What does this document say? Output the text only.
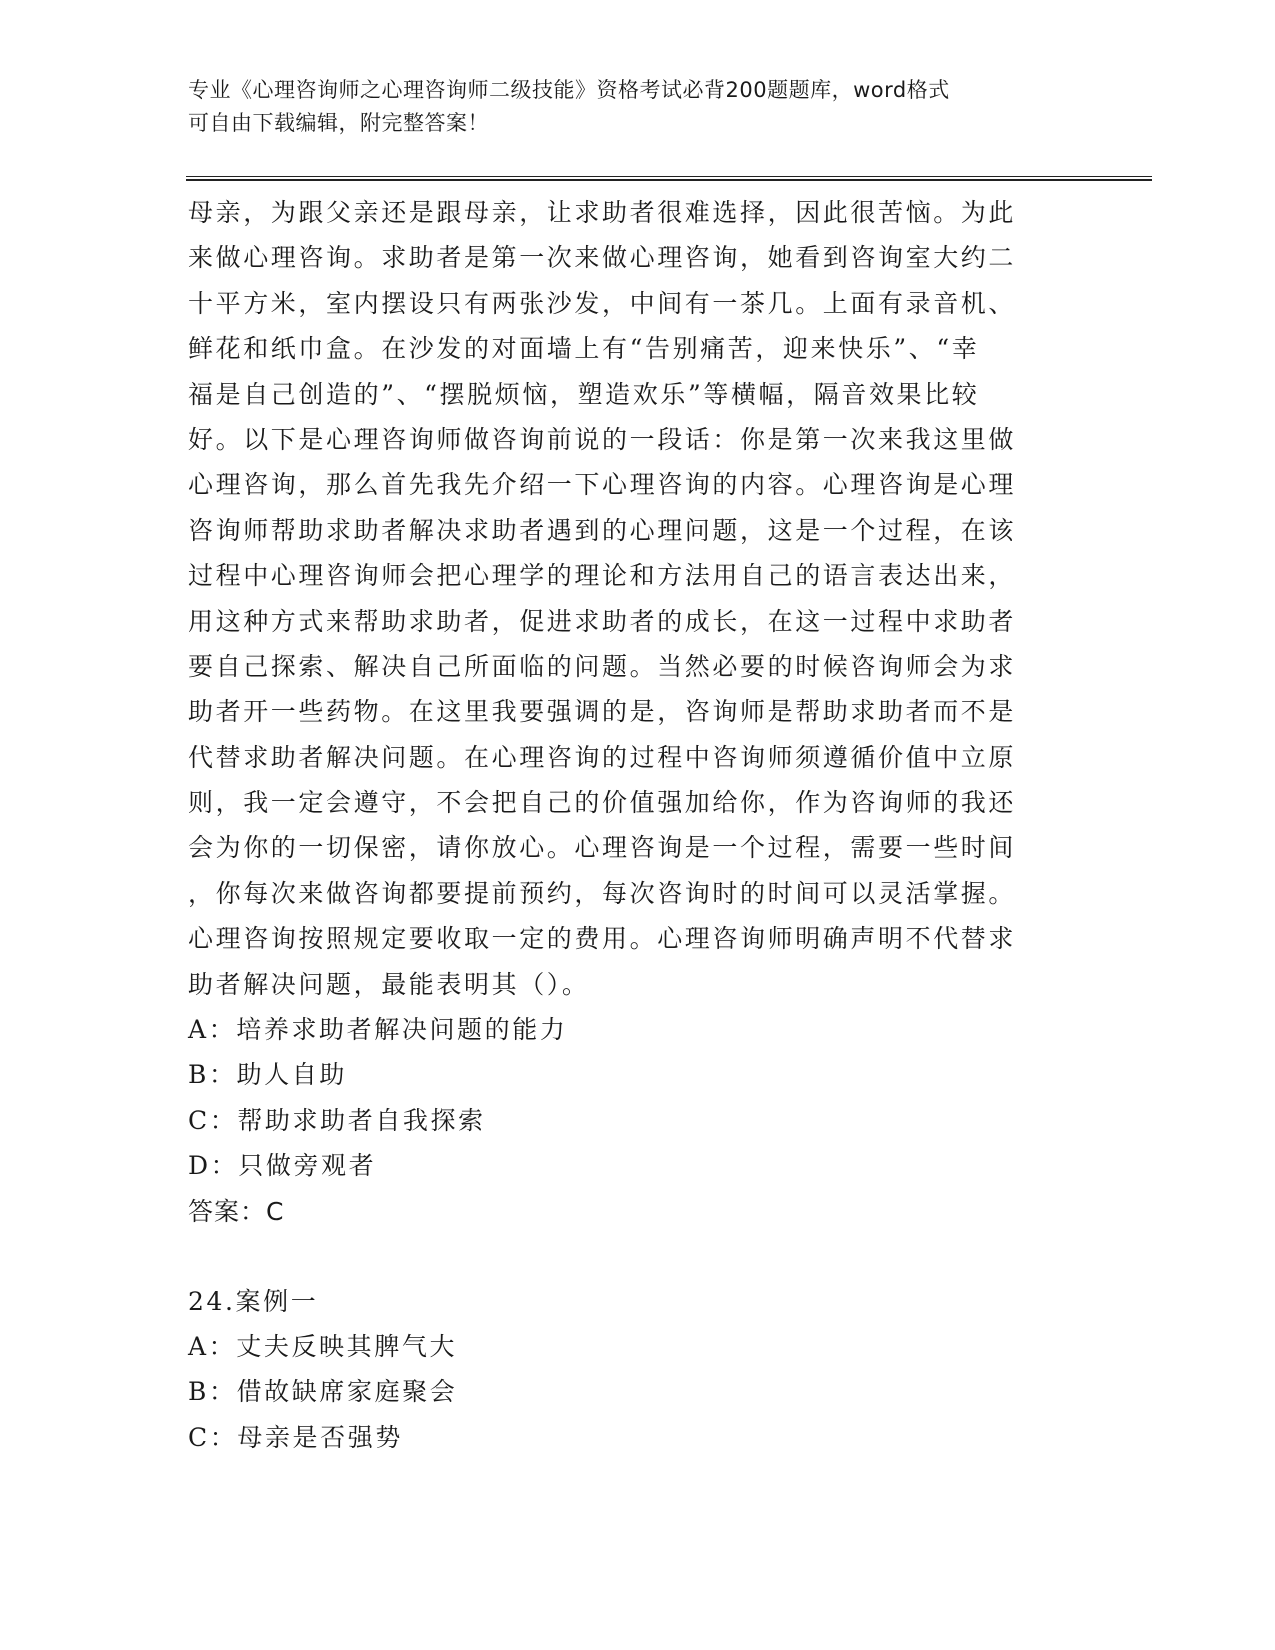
专业《心理咨询师之心理咨询师二级技能》资格考试必背200题题库，word格式
可自由下载编辑，附完整答案！
母亲，为跟父亲还是跟母亲，让求助者很难选择，因此很苦恼。为此
来做心理咨询。求助者是第一次来做心理咨询，她看到咨询室大约二
十平方米，室内摆设只有两张沙发，中间有一茶几。上面有录音机、
鲜花和纸巾盒。在沙发的对面墙上有“告别痛苦，迎来快乐”、“幸
福是自己创造的”、“摆脱烦恼，塑造欢乐”等横幅，隔音效果比较
好。以下是心理咨询师做咨询前说的一段话：你是第一次来我这里做
心理咨询，那么首先我先介绍一下心理咨询的内容。心理咨询是心理
咨询师帮助求助者解决求助者遇到的心理问题，这是一个过程，在该
过程中心理咨询师会把心理学的理论和方法用自己的语言表达出来，
用这种方式来帮助求助者，促进求助者的成长，在这一过程中求助者
要自己探索、解决自己所面临的问题。当然必要的时候咨询师会为求
助者开一些药物。在这里我要强调的是，咨询师是帮助求助者而不是
代替求助者解决问题。在心理咨询的过程中咨询师须遵循价值中立原
则，我一定会遵守，不会把自己的价值强加给你，作为咨询师的我还
会为你的一切保密，请你放心。心理咨询是一个过程，需要一些时间
，你每次来做咨询都要提前预约，每次咨询时的时间可以灵活掌握。
心理咨询按照规定要收取一定的费用。心理咨询师明确声明不代替求
助者解决问题，最能表明其（）。
A：培养求助者解决问题的能力
B：助人自助
C：帮助求助者自我探索
D：只做旁观者
答案：C
24.案例一
A：丈夫反映其脾气大
B：借故缺席家庭聚会
C：母亲是否强势
